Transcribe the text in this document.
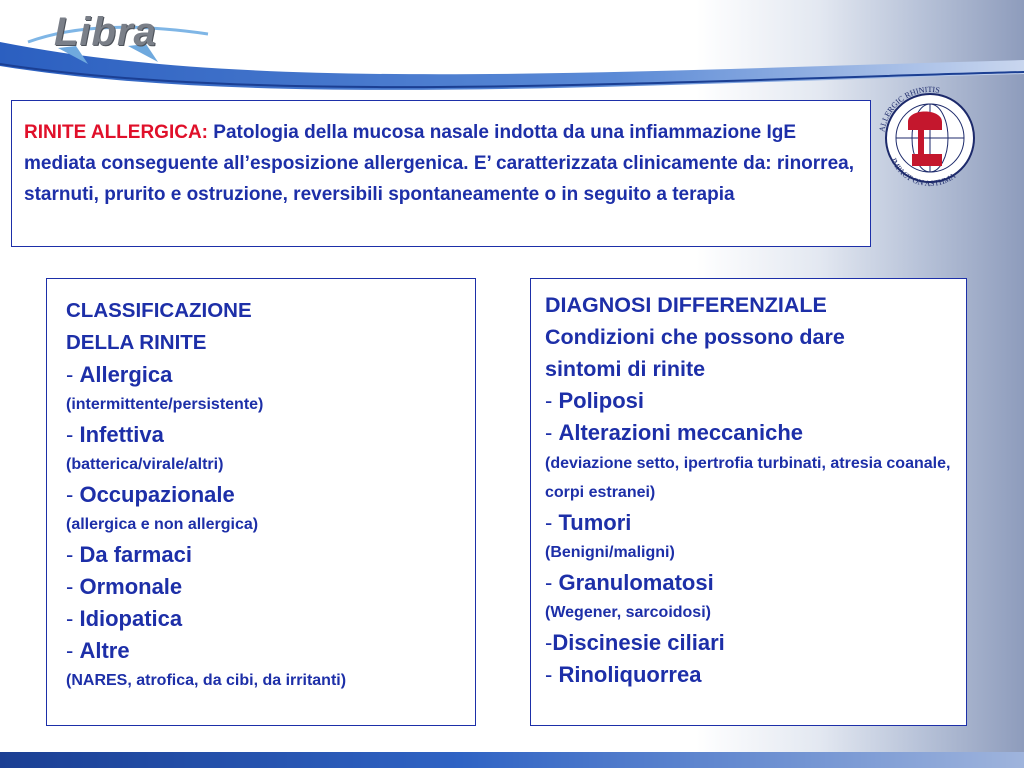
Libra
ALLERGIC RHINITIS
IMPACT ON ASTHMA
RINITE ALLERGICA: Patologia della mucosa nasale indotta da una infiammazione IgE mediata conseguente all’esposizione allergenica. E’ caratterizzata clinicamente da: rinorrea, starnuti, prurito e ostruzione, reversibili spontaneamente o in seguito a terapia
CLASSIFICAZIONE
DELLA RINITE
- Allergica
(intermittente/persistente)
- Infettiva
(batterica/virale/altri)
- Occupazionale
(allergica e non allergica)
- Da farmaci
- Ormonale
- Idiopatica
- Altre
(NARES, atrofica, da cibi, da irritanti)
DIAGNOSI DIFFERENZIALE
Condizioni che possono dare
sintomi di rinite
- Poliposi
- Alterazioni meccaniche
(deviazione setto, ipertrofia turbinati, atresia coanale, corpi estranei)
- Tumori
(Benigni/maligni)
- Granulomatosi
(Wegener, sarcoidosi)
-Discinesie ciliari
- Rinoliquorrea
